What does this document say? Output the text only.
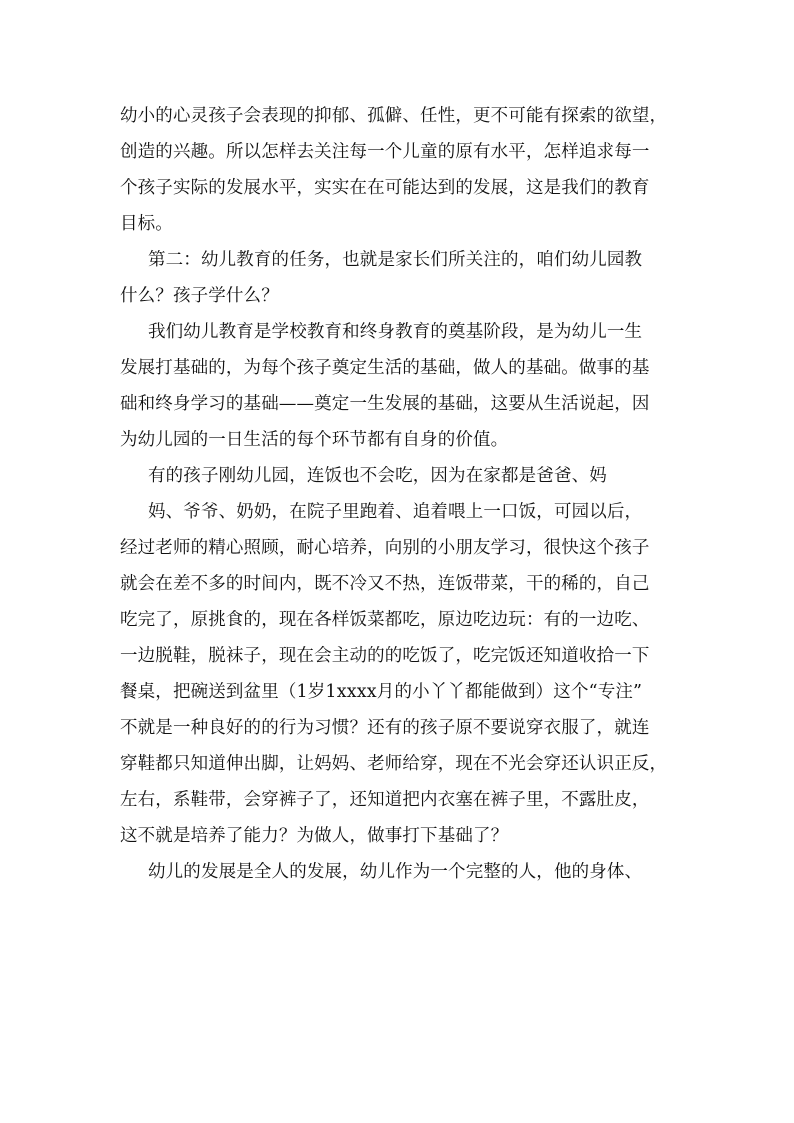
幼小的心灵孩子会表现的抑郁、孤僻、任性，更不可能有探索的欲望，
创造的兴趣。所以怎样去关注每一个儿童的原有水平，怎样追求每一
个孩子实际的发展水平，实实在在可能达到的发展，这是我们的教育
目标。
第二：幼儿教育的任务，也就是家长们所关注的，咱们幼儿园教
什么？孩子学什么？
我们幼儿教育是学校教育和终身教育的奠基阶段，是为幼儿一生
发展打基础的，为每个孩子奠定生活的基础，做人的基础。做事的基
础和终身学习的基础——奠定一生发展的基础，这要从生活说起，因
为幼儿园的一日生活的每个环节都有自身的价值。
有的孩子刚幼儿园，连饭也不会吃，因为在家都是爸爸、妈
妈、爷爷、奶奶，在院子里跑着、追着喂上一口饭，可园以后，
经过老师的精心照顾，耐心培养，向别的小朋友学习，很快这个孩子
就会在差不多的时间内，既不冷又不热，连饭带菜，干的稀的，自己
吃完了，原挑食的，现在各样饭菜都吃，原边吃边玩：有的一边吃、
一边脱鞋，脱袜子，现在会主动的的吃饭了，吃完饭还知道收拾一下
餐桌，把碗送到盆里（1岁1xxxx月的小丫丫都能做到）这个“专注”
不就是一种良好的的行为习惯？还有的孩子原不要说穿衣服了，就连
穿鞋都只知道伸出脚，让妈妈、老师给穿，现在不光会穿还认识正反，
左右，系鞋带，会穿裤子了，还知道把内衣塞在裤子里，不露肚皮，
这不就是培养了能力？为做人，做事打下基础了？
幼儿的发展是全人的发展，幼儿作为一个完整的人，他的身体、
